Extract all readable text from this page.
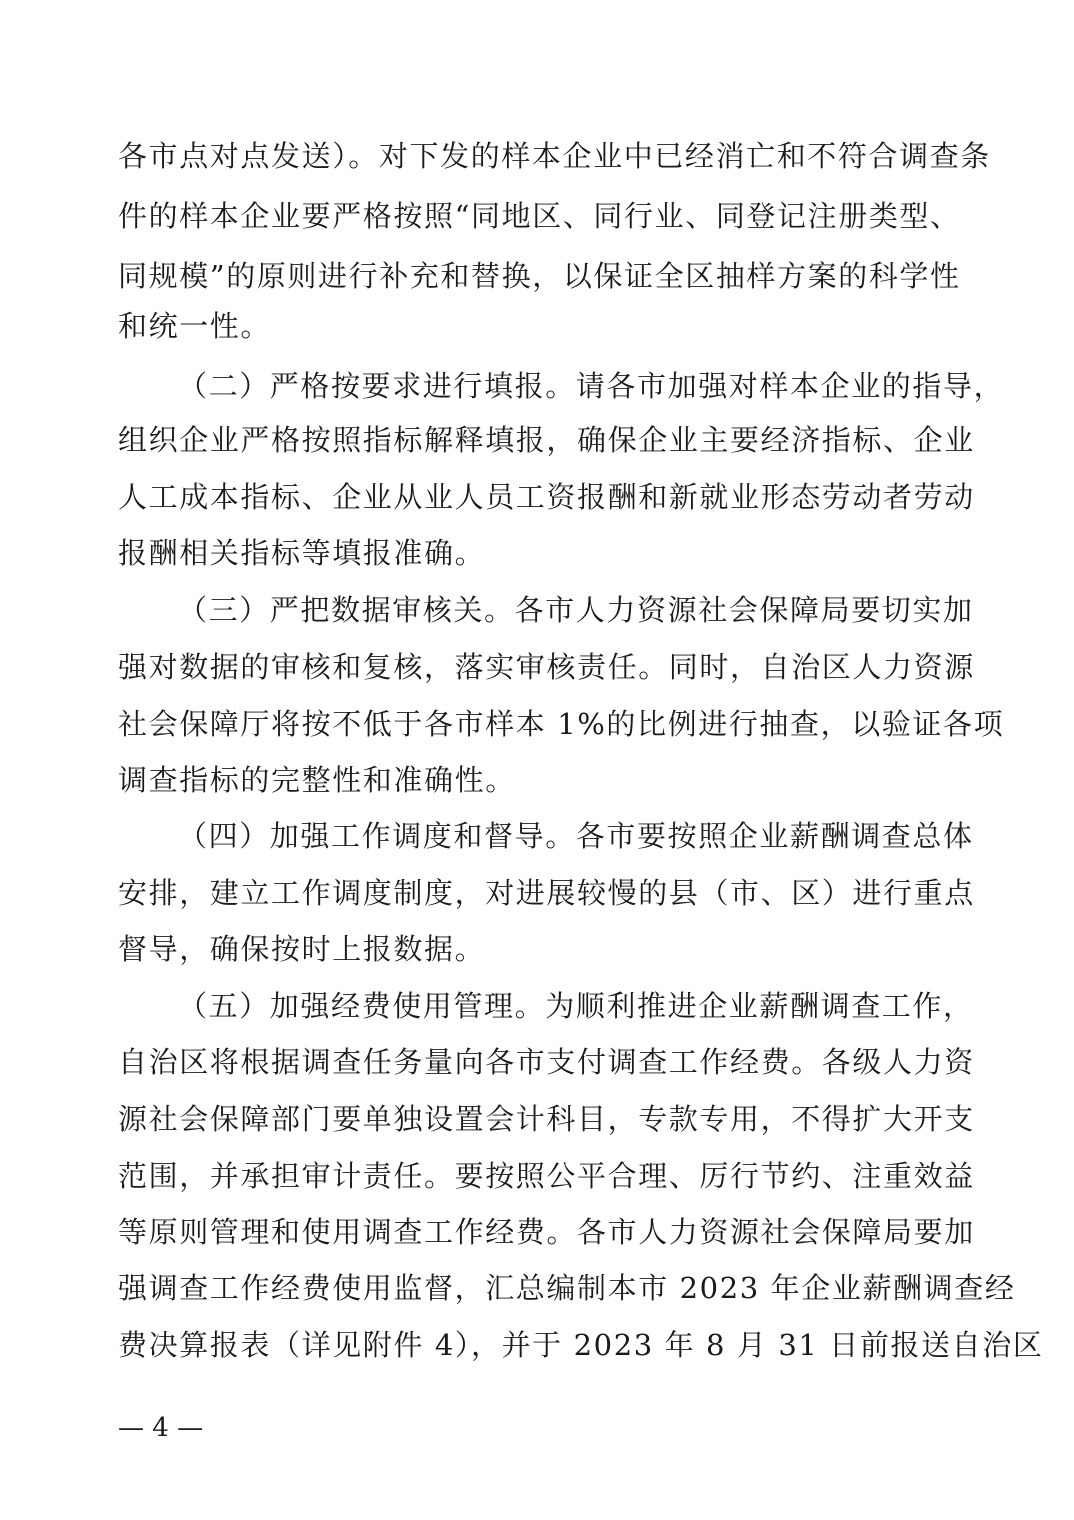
各市点对点发送）。对下发的样本企业中已经消亡和不符合调查条
件的样本企业要严格按照“同地区、同行业、同登记注册类型、
同规模”的原则进行补充和替换，以保证全区抽样方案的科学性
和统一性。
（二）严格按要求进行填报。请各市加强对样本企业的指导，
组织企业严格按照指标解释填报，确保企业主要经济指标、企业
人工成本指标、企业从业人员工资报酬和新就业形态劳动者劳动
报酬相关指标等填报准确。
（三）严把数据审核关。各市人力资源社会保障局要切实加
强对数据的审核和复核，落实审核责任。同时，自治区人力资源
社会保障厅将按不低于各市样本 1%的比例进行抽查，以验证各项
调查指标的完整性和准确性。
（四）加强工作调度和督导。各市要按照企业薪酬调查总体
安排，建立工作调度制度，对进展较慢的县（市、区）进行重点
督导，确保按时上报数据。
（五）加强经费使用管理。为顺利推进企业薪酬调查工作，
自治区将根据调查任务量向各市支付调查工作经费。各级人力资
源社会保障部门要单独设置会计科目，专款专用，不得扩大开支
范围，并承担审计责任。要按照公平合理、厉行节约、注重效益
等原则管理和使用调查工作经费。各市人力资源社会保障局要加
强调查工作经费使用监督，汇总编制本市 2023 年企业薪酬调查经
费决算报表（详见附件 4），并于 2023 年 8 月 31 日前报送自治区
— 4 —
